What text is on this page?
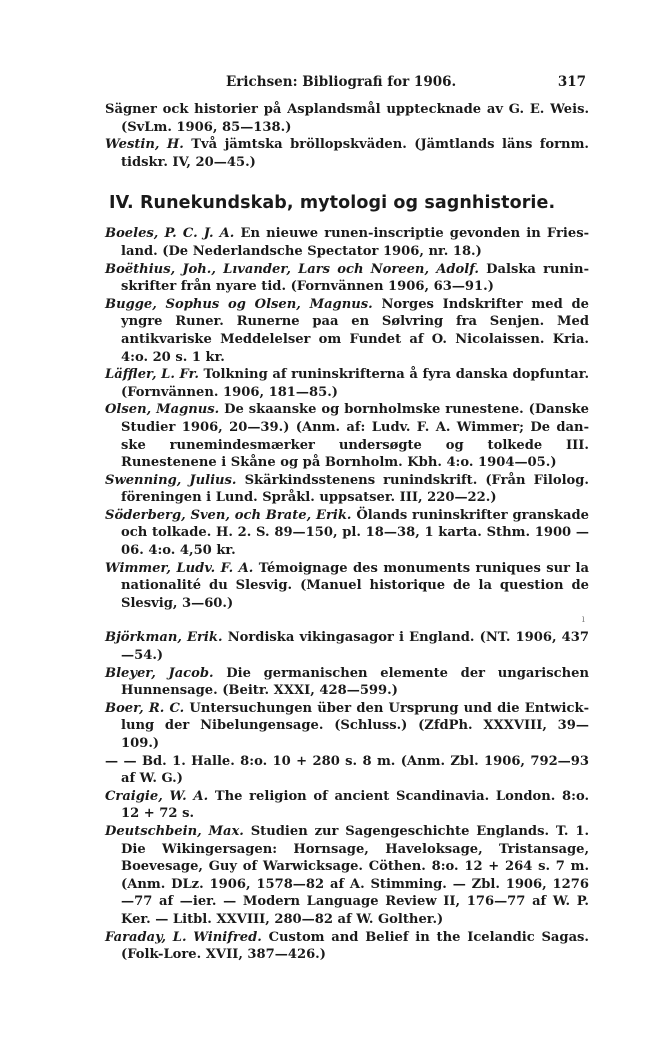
Erichsen: Bibliografi for 1906.	317

Sägner ock historier på Asplandsmål upptecknade av G. E. Weis. (SvLm. 1906, 85—138.)

Westin, H. Två jämtska bröllopskväden. (Jämtlands läns fornm. tidskr. IV, 20—45.)

IV. Runekundskab, mytologi og sagnhistorie.

Boeles, P. C. J. A. En nieuwe runen-inscriptie gevonden in Friesland. (De Nederlandsche Spectator 1906, nr. 18.)

Boëthius, Joh., Lıvander, Lars och Noreen, Adolf. Dalska runinskrifter från nyare tid. (Fornvännen 1906, 63—91.)

Bugge, Sophus og Olsen, Magnus. Norges Indskrifter med de yngre Runer. Runerne paa en Sølvring fra Senjen. Med antikvariske Meddelelser om Fundet af O. Nicolaissen. Kria. 4:o. 20 s. 1 kr.

Läffler, L. Fr. Tolkning af runinskrifterna å fyra danska dopfuntar. (Fornvännen. 1906, 181—85.)

Olsen, Magnus. De skaanske og bornholmske runestene. (Danske Studier 1906, 20—39.) (Anm. af: Ludv. F. A. Wimmer; De danske runemindesmærker undersøgte og tolkede III. Runestenene i Skåne og på Bornholm. Kbh. 4:o. 1904—05.)

Swenning, Julius. Skärkindsstenens runindskrift. (Från Filolog. föreningen i Lund. Språkl. uppsatser. III, 220—22.)

Söderberg, Sven, och Brate, Erik. Ölands runinskrifter granskade och tolkade. H. 2. S. 89—150, pl. 18—38, 1 karta. Sthm. 1900 —06. 4:o. 4,50 kr.

Wimmer, Ludv. F. A. Témoignage des monuments runiques sur la nationalité du Slesvig. (Manuel historique de la question de Slesvig, 3—60.)

ı

Björkman, Erik. Nordiska vikingasagor i England. (NT. 1906, 437 —54.)

Bleyer, Jacob. Die germanischen elemente der ungarischen Hunnensage. (Beitr. XXXI, 428—599.)

Boer, R. C. Untersuchungen über den Ursprung und die Entwicklung der Nibelungensage. (Schluss.) (ZfdPh. XXXVIII, 39—109.)

— — Bd. 1. Halle. 8:o. 10 + 280 s. 8 m. (Anm. Zbl. 1906, 792—93 af W. G.)

Craigie, W. A. The religion of ancient Scandinavia. London. 8:o. 12 + 72 s.

Deutschbein, Max. Studien zur Sagengeschichte Englands. T. 1. Die Wikingersagen: Hornsage, Haveloksage, Tristansage, Boevesage, Guy of Warwicksage. Cöthen. 8:o. 12 + 264 s. 7 m. (Anm. DLz. 1906, 1578—82 af A. Stimming. — Zbl. 1906, 1276—77 af —ier. — Modern Language Review II, 176—77 af W. P. Ker. — Litbl. XXVIII, 280—82 af W. Golther.)

Faraday, L. Winifred. Custom and Belief in the Icelandic Sagas. (Folk-Lore. XVII, 387—426.)
